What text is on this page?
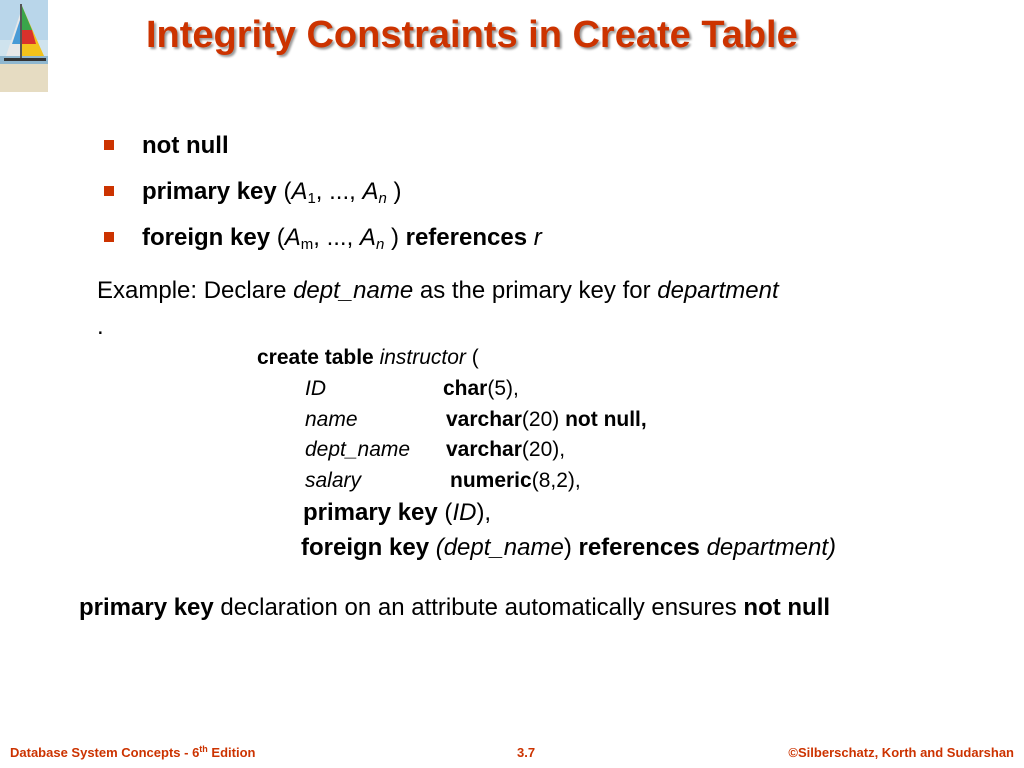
Integrity Constraints in Create Table
not null
primary key ($A_1$, ..., $A_n$ )
foreign key ($A_m$, ..., $A_n$ ) references r
Example: Declare dept_name as the primary key for department
.
create table instructor (
ID	char(5),
name	varchar(20) not null,
dept_name varchar(20),
salary	numeric(8,2),
primary key (ID),
foreign key (dept_name) references department)
primary key declaration on an attribute automatically ensures not null
Database System Concepts - 6th Edition	3.7	©Silberschatz, Korth and Sudarshan
